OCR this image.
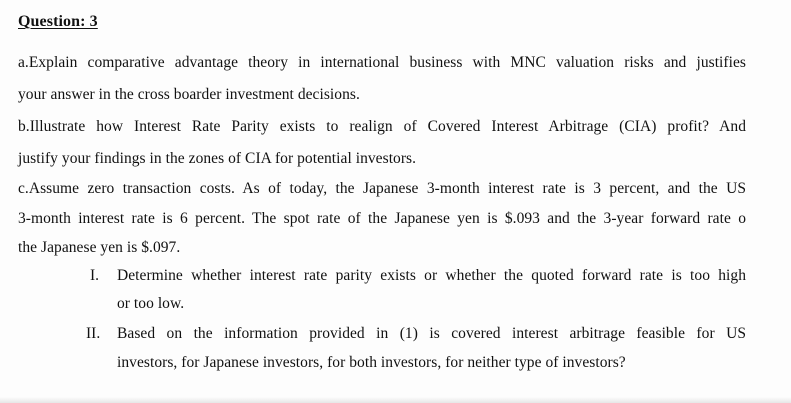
Question: 3
a.Explain comparative advantage theory in international business with MNC valuation risks and justifies
your answer in the cross boarder investment decisions.
b.Illustrate how Interest Rate Parity exists to realign of Covered Interest Arbitrage (CIA) profit? And
justify your findings in the zones of CIA for potential investors.
c.Assume zero transaction costs. As of today, the Japanese 3-month interest rate is 3 percent, and the US
3-month interest rate is 6 percent. The spot rate of the Japanese yen is $.093 and the 3-year forward rate o
the Japanese yen is $.097.
I. Determine whether interest rate parity exists or whether the quoted forward rate is too high
or too low.
II. Based on the information provided in (1) is covered interest arbitrage feasible for US
investors, for Japanese investors, for both investors, for neither type of investors?
